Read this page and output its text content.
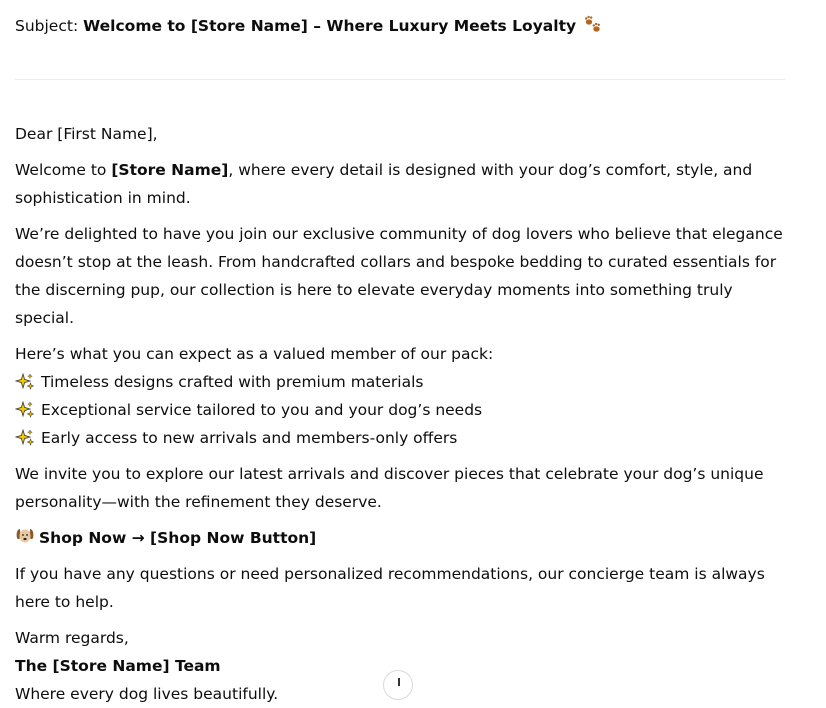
Subject: Welcome to [Store Name] – Where Luxury Meets Loyalty

Dear [First Name],

Welcome to [Store Name], where every detail is designed with your dog’s comfort, style, and sophistication in mind.

We’re delighted to have you join our exclusive community of dog lovers who believe that elegance doesn’t stop at the leash. From handcrafted collars and bespoke bedding to curated essentials for the discerning pup, our collection is here to elevate everyday moments into something truly special.

Here’s what you can expect as a valued member of our pack:

Timeless designs crafted with premium materials
Exceptional service tailored to you and your dog’s needs
Early access to new arrivals and members-only offers

We invite you to explore our latest arrivals and discover pieces that celebrate your dog’s unique personality—with the refinement they deserve.

Shop Now → [Shop Now Button]

If you have any questions or need personalized recommendations, our concierge team is always here to help.

Warm regards,

The [Store Name] Team

Where every dog lives beautifully.
